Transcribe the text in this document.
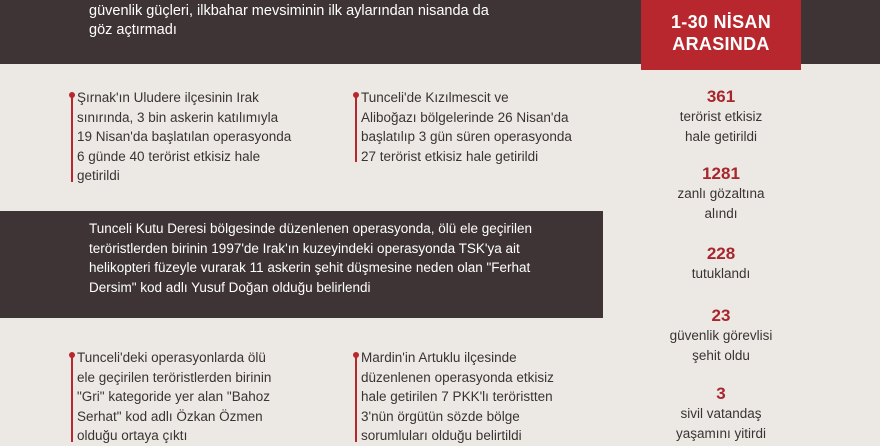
güvenlik güçleri, ilkbahar mevsiminin ilk aylarından nisanda da
göz açtırmadı	1-30 NİSAN
ARASINDA
Şırnak'ın Uludere ilçesinin Irak
sınırında, 3 bin askerin katılımıyla
19 Nisan'da başlatılan operasyonda
6 günde 40 terörist etkisiz hale
getirildi
Tunceli'de Kızılmescit ve
Aliboğazı bölgelerinde 26 Nisan'da
başlatılıp 3 gün süren operasyonda
27 terörist etkisiz hale getirildi
Tunceli Kutu Deresi bölgesinde düzenlenen operasyonda, ölü ele geçirilen
teröristlerden birinin 1997'de Irak'ın kuzeyindeki operasyonda TSK'ya ait
helikopteri füzeyle vurarak 11 askerin şehit düşmesine neden olan "Ferhat
Dersim" kod adlı Yusuf Doğan olduğu belirlendi
Tunceli'deki operasyonlarda ölü
ele geçirilen teröristlerden birinin
"Gri" kategoride yer alan "Bahoz
Serhat" kod adlı Özkan Özmen
olduğu ortaya çıktı
Mardin'in Artuklu ilçesinde
düzenlenen operasyonda etkisiz
hale getirilen 7 PKK'lı teröristten
3'nün örgütün sözde bölge
sorumluları olduğu belirtildi
361
terörist etkisiz
hale getirildi
1281
zanlı gözaltına
alındı
228
tutuklandı
23
güvenlik görevlisi
şehit oldu
3
sivil vatandaş
yaşamını yitirdi
